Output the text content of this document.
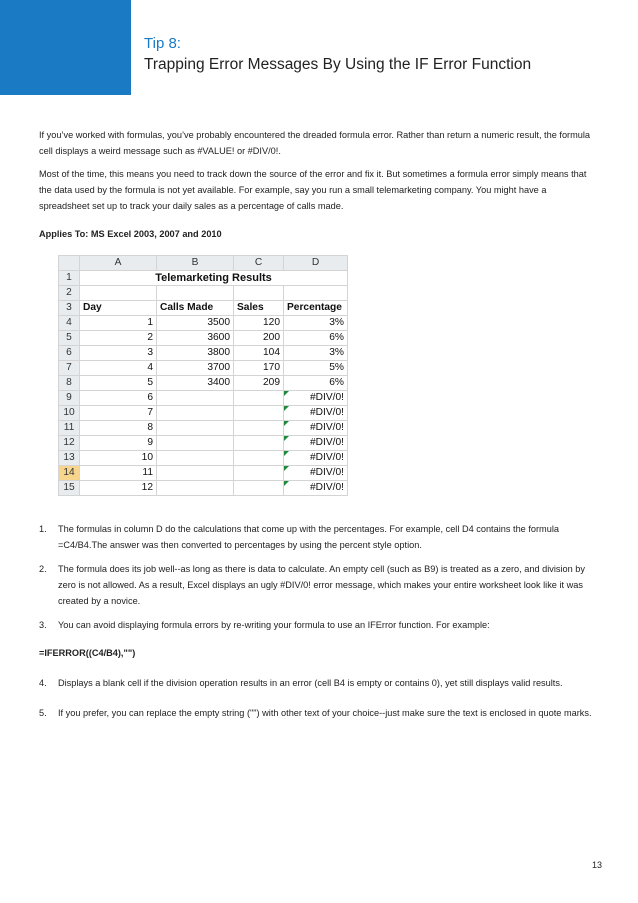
Tip 8:
Trapping Error Messages By Using the IF Error Function

If you’ve worked with formulas, you’ve probably encountered the dreaded formula error. Rather than return a numeric result, the formula cell displays a weird message such as #VALUE! or #DIV/0!.

Most of the time, this means you need to track down the source of the error and fix it. But sometimes a formula error simply means that the data used by the formula is not yet available. For example, say you run a small telemarketing company. You might have a spreadsheet set up to track your daily sales as a percentage of calls made.

Applies To: MS Excel 2003, 2007 and 2010

	A	B	C	D
1	Telemarketing Results			
2				
3	Day	Calls Made	Sales	Percentage
4	1	3500	120	3%
5	2	3600	200	6%
6	3	3800	104	3%
7	4	3700	170	5%
8	5	3400	209	6%
9	6			#DIV/0!
10	7			#DIV/0!
11	8			#DIV/0!
12	9			#DIV/0!
13	10			#DIV/0!
14	11			#DIV/0!
15	12			#DIV/0!
1. The formulas in column D do the calculations that come up with the percentages. For example, cell D4 contains the formula =C4/B4.The answer was then converted to percentages by using the percent style option.
2. The formula does its job well--as long as there is data to calculate. An empty cell (such as B9) is treated as a zero, and division by zero is not allowed. As a result, Excel displays an ugly #DIV/0! error message, which makes your entire worksheet look like it was created by a novice.
3. You can avoid displaying formula errors by re-writing your formula to use an IFError function. For example:

=IFERROR((C4/B4),"")

4. Displays a blank cell if the division operation results in an error (cell B4 is empty or contains 0), yet still displays valid results.
5. If you prefer, you can replace the empty string ("") with other text of your choice--just make sure the text is enclosed in quote marks.
13
